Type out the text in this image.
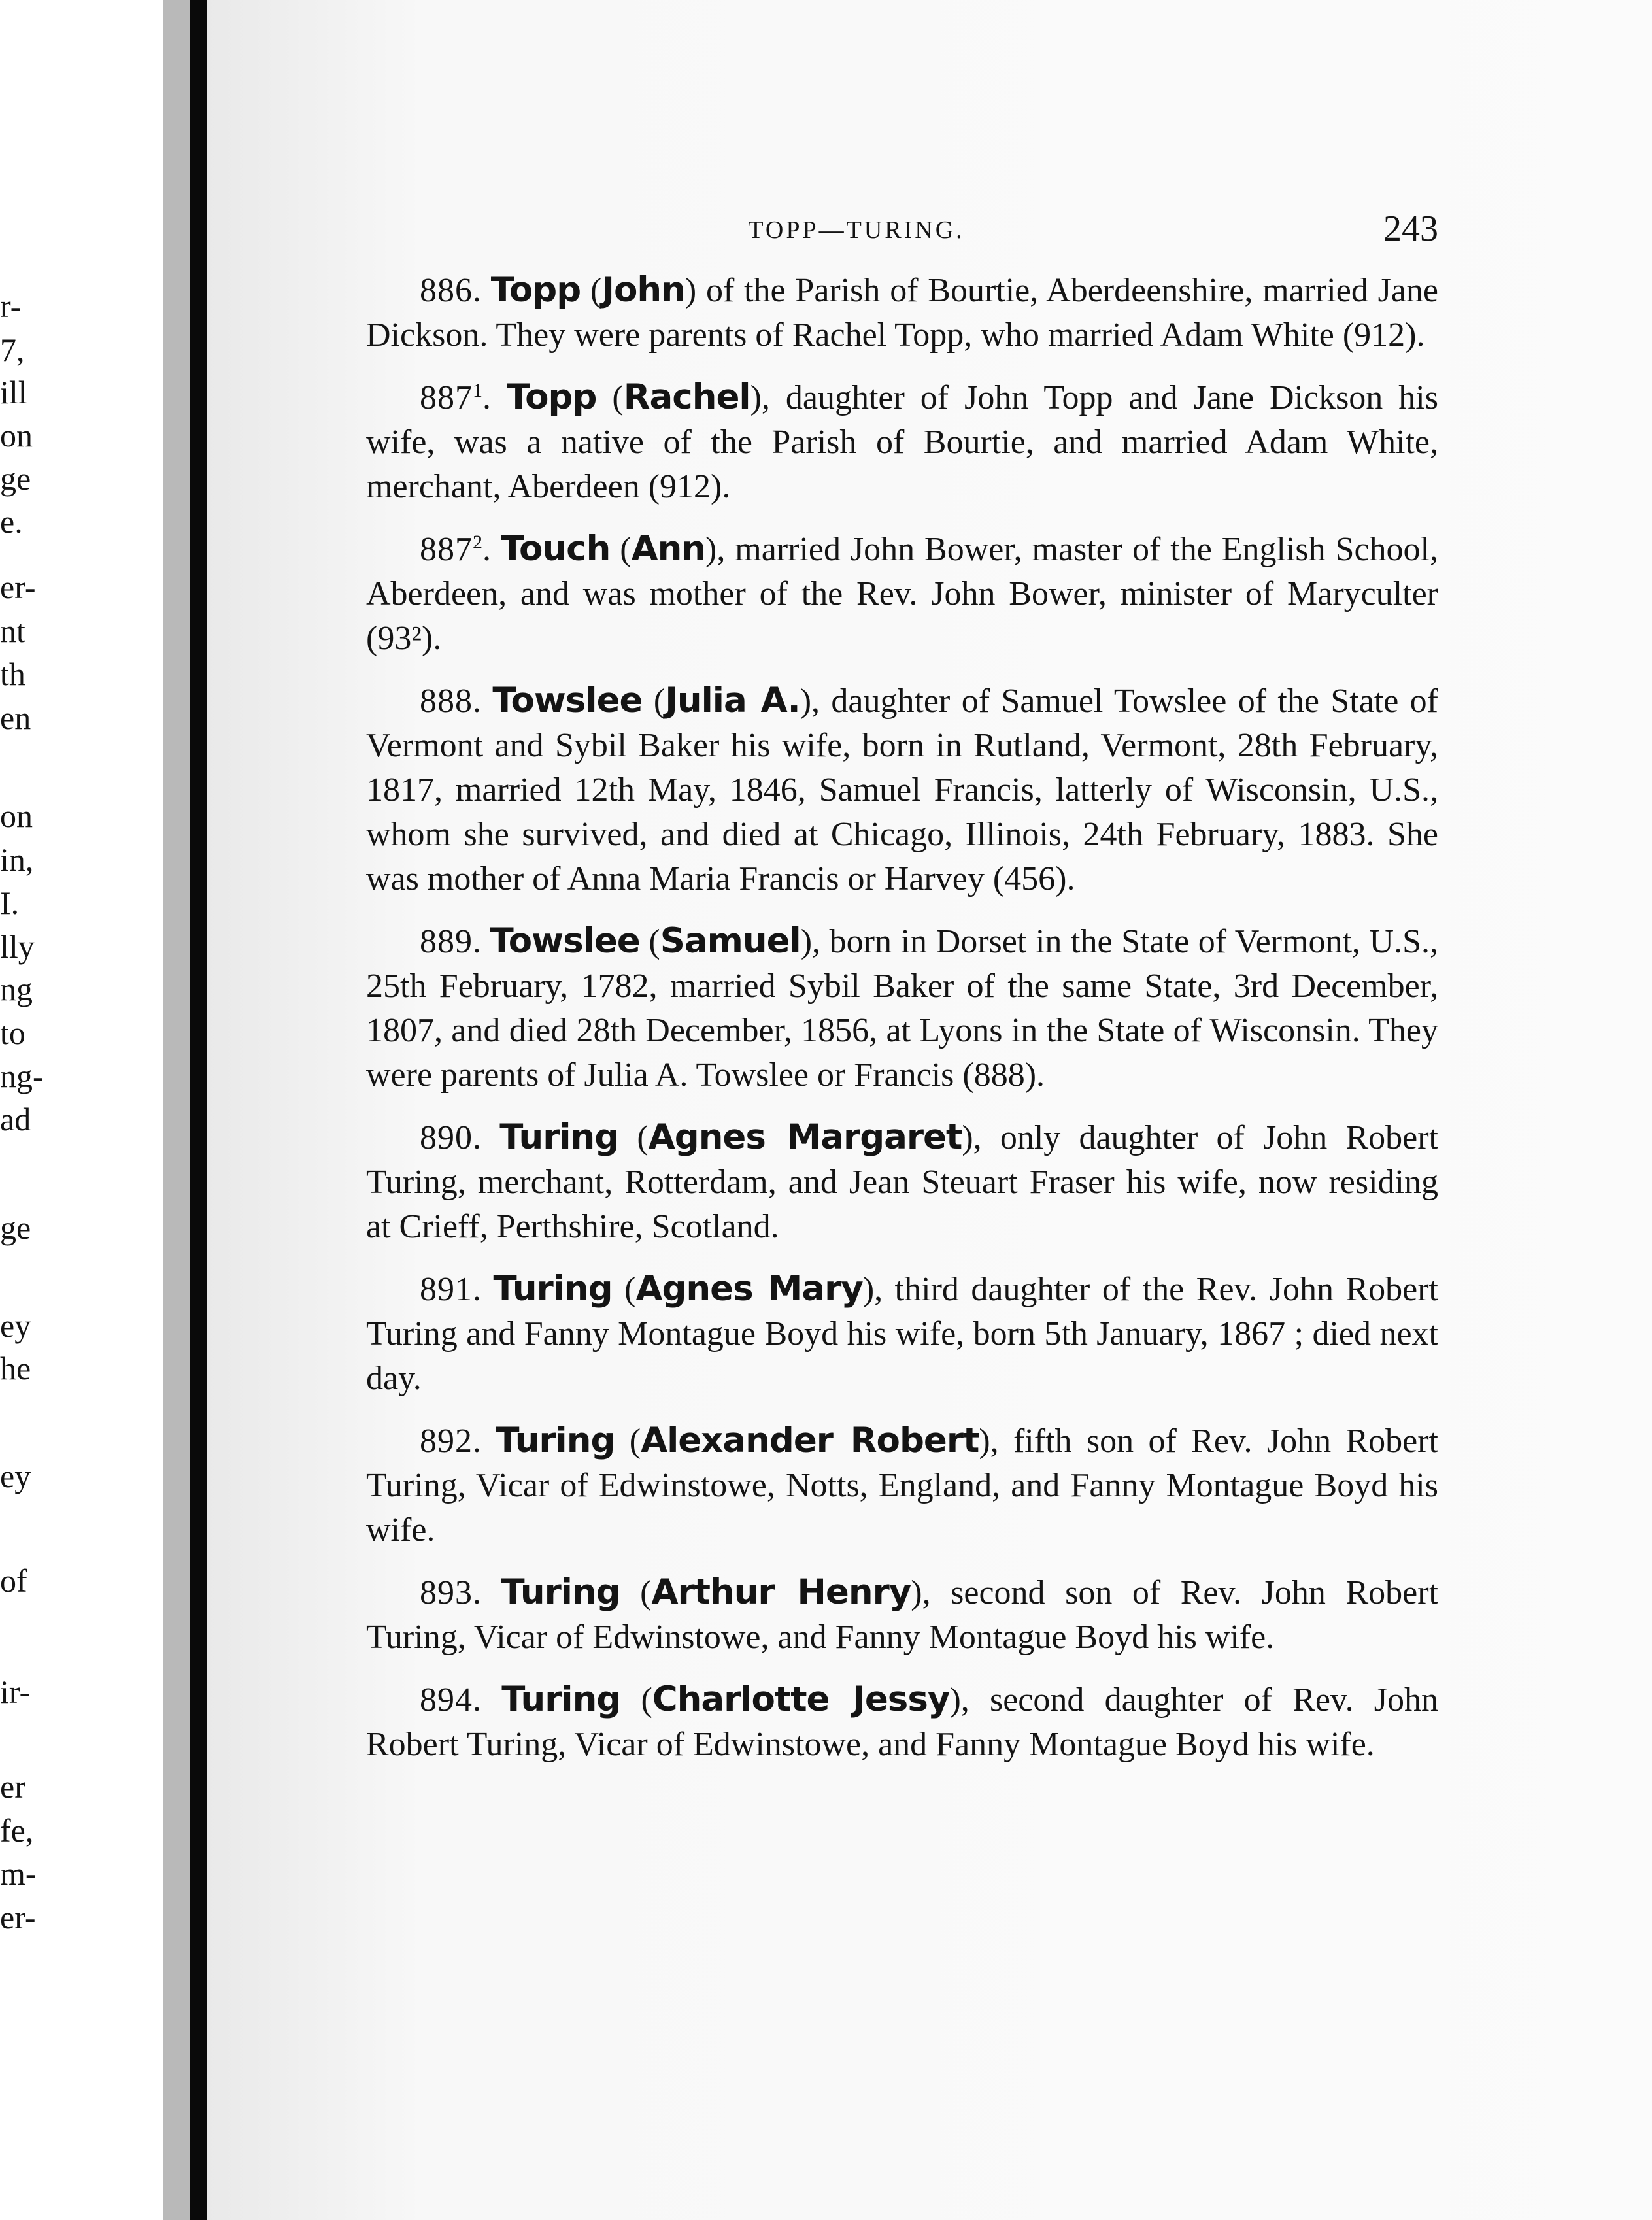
r-
7,
ill
on
ge
e.
er-
nt
th
en
on
in,
I.
lly
ng
to
ng-
ad
ge
ey
he
ey
of
ir-
er
fe,
m-
er-
TOPP—TURING.	243

886. Topp (John) of the Parish of Bourtie, Aberdeenshire, married Jane Dickson. They were parents of Rachel Topp, who married Adam White (912).

$887^1$. Topp (Rachel), daughter of John Topp and Jane Dickson his wife, was a native of the Parish of Bourtie, and married Adam White, merchant, Aberdeen (912).

$887^2$. Touch (Ann), married John Bower, master of the English School, Aberdeen, and was mother of the Rev. John Bower, minister of Maryculter (93²).

888. Towslee (Julia A.), daughter of Samuel Towslee of the State of Vermont and Sybil Baker his wife, born in Rutland, Vermont, 28th February, 1817, married 12th May, 1846, Samuel Francis, latterly of Wisconsin, U.S., whom she survived, and died at Chicago, Illinois, 24th February, 1883. She was mother of Anna Maria Francis or Harvey (456).

889. Towslee (Samuel), born in Dorset in the State of Vermont, U.S., 25th February, 1782, married Sybil Baker of the same State, 3rd December, 1807, and died 28th December, 1856, at Lyons in the State of Wisconsin. They were parents of Julia A. Towslee or Francis (888).

890. Turing (Agnes Margaret), only daughter of John Robert Turing, merchant, Rotterdam, and Jean Steuart Fraser his wife, now residing at Crieff, Perthshire, Scotland.

891. Turing (Agnes Mary), third daughter of the Rev. John Robert Turing and Fanny Montague Boyd his wife, born 5th January, 1867 ; died next day.

892. Turing (Alexander Robert), fifth son of Rev. John Robert Turing, Vicar of Edwinstowe, Notts, England, and Fanny Montague Boyd his wife.

893. Turing (Arthur Henry), second son of Rev. John Robert Turing, Vicar of Edwinstowe, and Fanny Montague Boyd his wife.

894. Turing (Charlotte Jessy), second daughter of Rev. John Robert Turing, Vicar of Edwinstowe, and Fanny Montague Boyd his wife.
